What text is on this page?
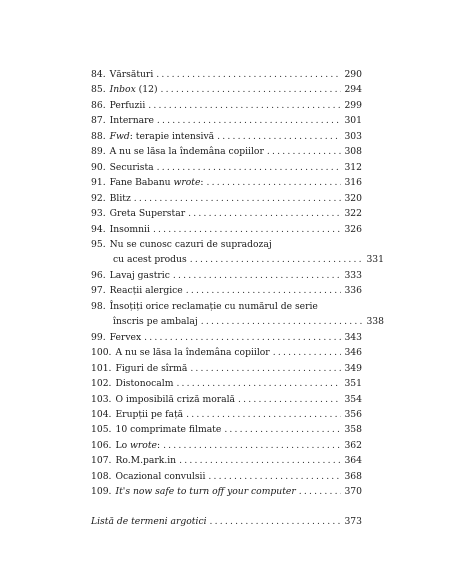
84. Vărsături .....	290
85. Inbox (12) .....	294
86. Perfuzii .....	299
87. Internare .....	301
88. Fwd: terapie intensivă .....	303
89. A nu se lăsa la îndemâna copiilor .....	308
90. Securista .....	312
91. Fane Babanu wrote: .....	316
92. Blitz .....	320
93. Greta Superstar .....	322
94. Insomnii .....	326
95. Nu se cunosc cazuri de supradozaj
cu acest produs .....	331
96. Lavaj gastric .....	333
97. Reacții alergice .....	336
98. Însoțiți orice reclamație cu numărul de serie
înscris pe ambalaj .....	338
99. Fervex .....	343
100. A nu se lăsa la îndemâna copiilor .....	346
101. Figuri de sîrmă .....	349
102. Distonocalm .....	351
103. O imposibilă criză morală .....	354
104. Erupții pe față .....	356
105. 10 comprimate filmate .....	358
106. Lo wrote: .....	362
107. Ro.M.park.in .....	364
108. Ocazional convulsii .....	368
109. It's now safe to turn off your computer .....	370
Listă de termeni argotici .....	373
